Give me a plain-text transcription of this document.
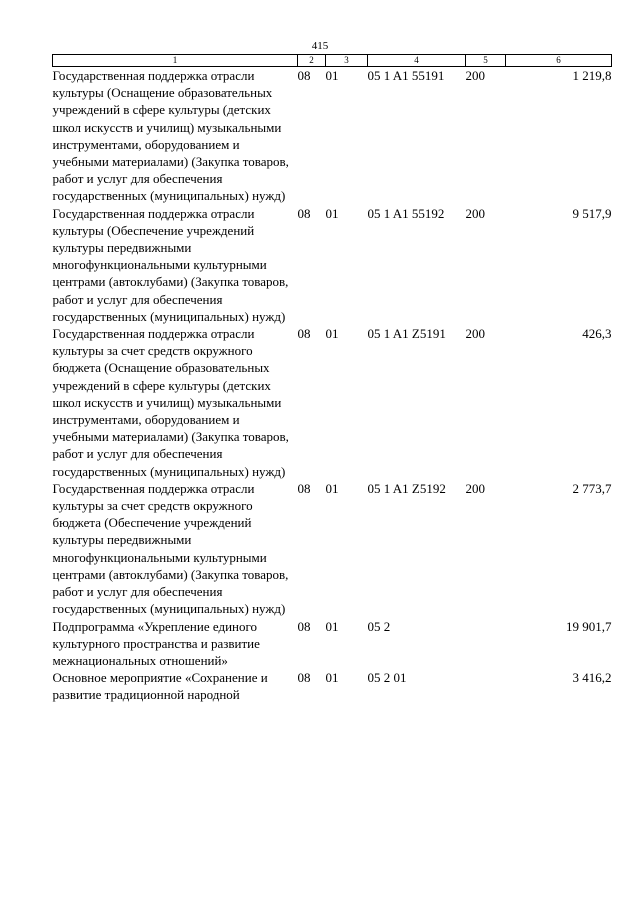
415
1	2	3	4	5	6
Государственная поддержка отрасли культуры (Оснащение образовательных учреждений в сфере культуры (детских школ искусств и училищ) музыкальными инструментами, оборудованием и учебными материалами) (Закупка товаров, работ и услуг для обеспечения государственных (муниципальных) нужд)	08	01	05 1 A1 55191	200	1 219,8
Государственная поддержка отрасли культуры (Обеспечение учреждений культуры передвижными многофункциональными культурными центрами (автоклубами) (Закупка товаров, работ и услуг для обеспечения государственных (муниципальных) нужд)	08	01	05 1 A1 55192	200	9 517,9
Государственная поддержка отрасли культуры за счет средств окружного бюджета (Оснащение образовательных учреждений в сфере культуры (детских школ искусств и училищ) музыкальными инструментами, оборудованием и учебными материалами) (Закупка товаров, работ и услуг для обеспечения государственных (муниципальных) нужд)	08	01	05 1 A1 Z5191	200	426,3
Государственная поддержка отрасли культуры за счет средств окружного бюджета (Обеспечение учреждений культуры передвижными многофункциональными культурными центрами (автоклубами) (Закупка товаров, работ и услуг для обеспечения государственных (муниципальных) нужд)	08	01	05 1 A1 Z5192	200	2 773,7
Подпрограмма «Укрепление единого культурного пространства и развитие межнациональных отношений»	08	01	05 2		19 901,7
Основное мероприятие «Сохранение и развитие традиционной народной	08	01	05 2 01		3 416,2
